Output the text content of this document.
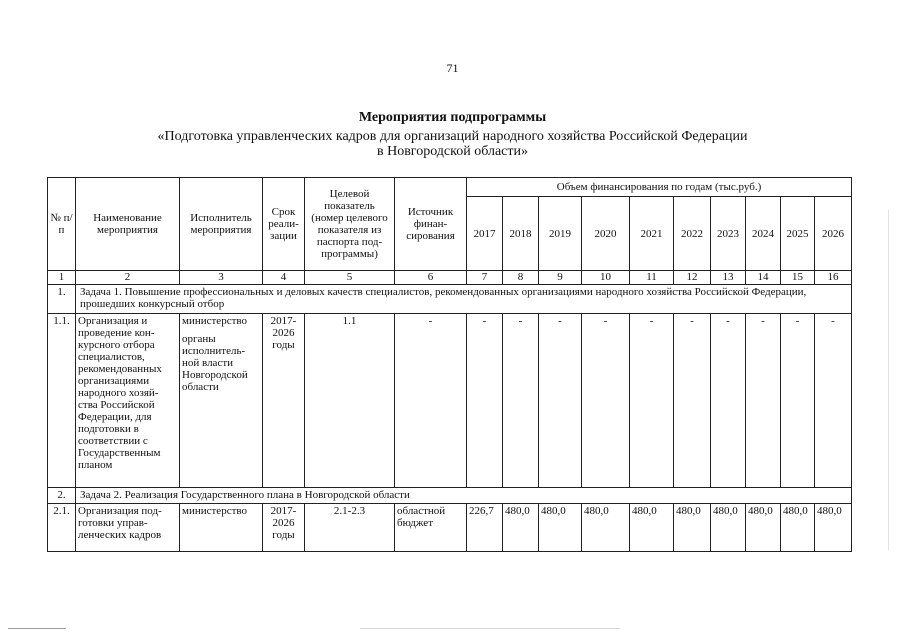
71
Мероприятия подпрограммы
«Подготовка управленческих кадров для организаций народного хозяйства Российской Федерации
в Новгородской области»
№ п/п	Наименование мероприятия	Исполнитель мероприятия	Срок реали- зации	Целевой показатель (номер целевого показателя из паспорта под- программы)	Источник финан- сирования	Объем финансирования по годам (тыс.руб.)									
						2017	2018	2019	2020	2021	2022	2023	2024	2025	2026
1	2	3	4	5	6	7	8	9	10	11	12	13	14	15	16
1.	Задача 1. Повышение профессиональных и деловых качеств специалистов, рекомендованных организациями народного хозяйства Российской Федерации, прошедших конкурсный отбор														
1.1.	Организация и проведение кон- курсного отбора специалистов, рекомендованных организациями народного хозяй- ства Российской Федерации, для подготовки в соответствии с Государственным планом	министерство
органы исполнитель- ной власти Новгородской области	2017- 2026 годы	1.1	-	-	-	-	-	-	-	-	-	-	-
2.	Задача 2. Реализация Государственного плана в Новгородской области														
2.1.	Организация под- готовки управ- ленческих кадров	министерство	2017- 2026 годы	2.1-2.3	областной бюджет	226,7	480,0	480,0	480,0	480,0	480,0	480,0	480,0	480,0	480,0
